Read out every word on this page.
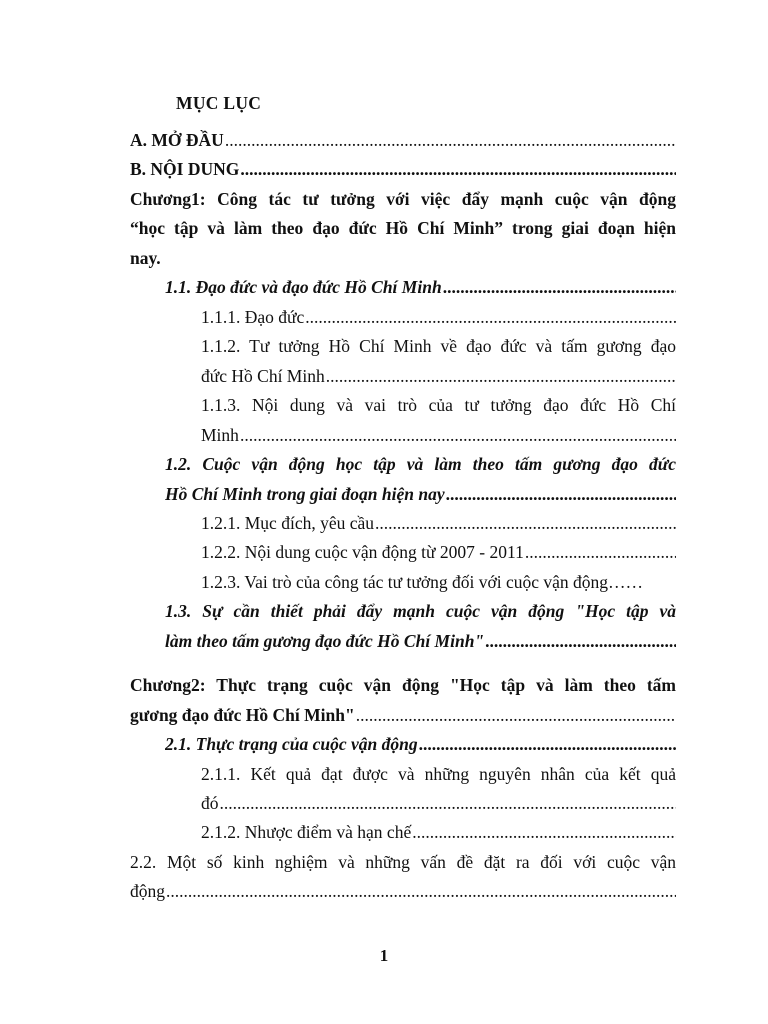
MỤC LỤC
A. MỞ ĐẦU
.....
B. NỘI DUNG
.....
Chương1: Công tác tư tưởng với việc đẩy mạnh cuộc vận động
“học tập và làm theo đạo đức Hồ Chí Minh” trong giai đoạn hiện
nay.
1.1. Đạo đức và đạo đức Hồ Chí Minh
.....
1.1.1. Đạo đức
.....
1.1.2. Tư tưởng Hồ Chí Minh về đạo đức và tấm gương đạo
đức Hồ Chí Minh
.....
1.1.3. Nội dung và vai trò của tư tưởng đạo đức Hồ Chí
Minh
.....
1.2. Cuộc vận động học tập và làm theo tấm gương đạo đức
Hồ Chí Minh trong giai đoạn hiện nay
.....
1.2.1. Mục đích, yêu cầu
.....
1.2.2. Nội dung cuộc vận động từ 2007 - 2011
.....
1.2.3. Vai trò của công tác tư tưởng đối với cuộc vận động……
1.3. Sự cần thiết phải đẩy mạnh cuộc vận động "Học tập và
làm theo tấm gương đạo đức Hồ Chí Minh"
.....
Chương2: Thực trạng cuộc vận động "Học tập và làm theo tấm
gương đạo đức Hồ Chí Minh"
.....
2.1. Thực trạng của cuộc vận động
.....
2.1.1. Kết quả đạt được và những nguyên nhân của kết quả
đó
.....
2.1.2. Nhược điểm và hạn chế
.....
2.2. Một số kinh nghiệm và những vấn đề đặt ra đối với cuộc vận
động
.....
1
